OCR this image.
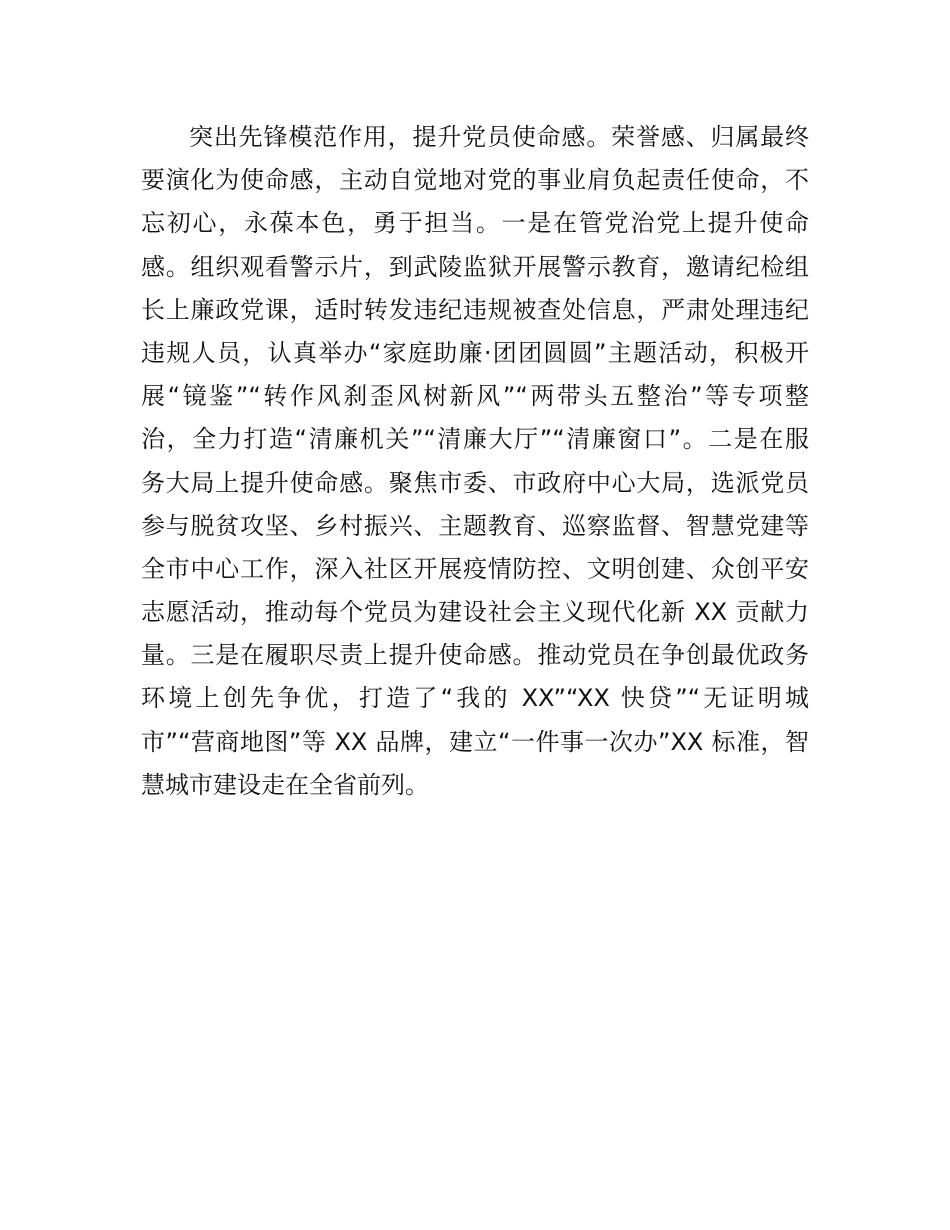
突出先锋模范作用，提升党员使命感。荣誉感、归属最终
要演化为使命感，主动自觉地对党的事业肩负起责任使命，不
忘初心，永葆本色，勇于担当。一是在管党治党上提升使命
感。组织观看警示片，到武陵监狱开展警示教育，邀请纪检组
长上廉政党课，适时转发违纪违规被查处信息，严肃处理违纪
违规人员，认真举办“家庭助廉·团团圆圆”主题活动，积极开
展“镜鉴”“转作风刹歪风树新风”“两带头五整治”等专项整
治，全力打造“清廉机关”“清廉大厅”“清廉窗口”。二是在服
务大局上提升使命感。聚焦市委、市政府中心大局，选派党员
参与脱贫攻坚、乡村振兴、主题教育、巡察监督、智慧党建等
全市中心工作，深入社区开展疫情防控、文明创建、众创平安
志愿活动，推动每个党员为建设社会主义现代化新 XX 贡献力
量。三是在履职尽责上提升使命感。推动党员在争创最优政务
环境上创先争优，打造了“我的 XX”“XX 快贷”“无证明城
市”“营商地图”等 XX 品牌，建立“一件事一次办”XX 标准，智
慧城市建设走在全省前列。
